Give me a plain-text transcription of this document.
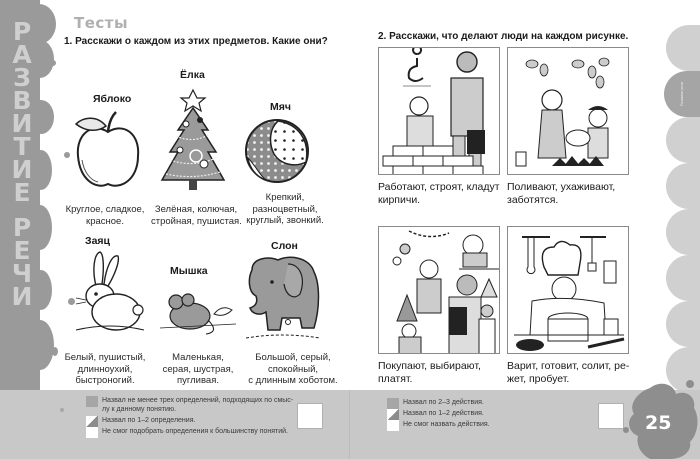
Р
А
З
В
И
Т
И
Е
Р
Е
Ч
И
Тесты
1. Расскажи о каждом из этих предметов. Какие они?
Яблоко
Круглое, сладкое,
красное.
Ёлка
Зелёная, колючая,
стройная, пушистая.
Мяч
Крепкий,
разноцветный,
круглый, звонкий.
Заяц
Белый, пушистый,
длинноухий,
быстроногий.
Мышка
Маленькая,
серая, шустрая,
пугливая.
Слон
Большой, серый,
спокойный,
с длинным хоботом.
2. Расскажи, что делают люди на каждом рисунке.
Работают, строят, кладут
кирпичи.
Поливают, ухаживают,
заботятся.
Покупают, выбирают,
платят.
Варит, готовит, солит, ре-
жет, пробует.
Развитие речи
Назвал не менее трех определений, подходящих по смыс-
лу к данному понятию.
Назвал по 1–2 определения.
Не смог подобрать определения к большинству понятий.
Назвал по 2–3 действия.
Назвал по 1–2 действия.
Не смог назвать действия.	25
